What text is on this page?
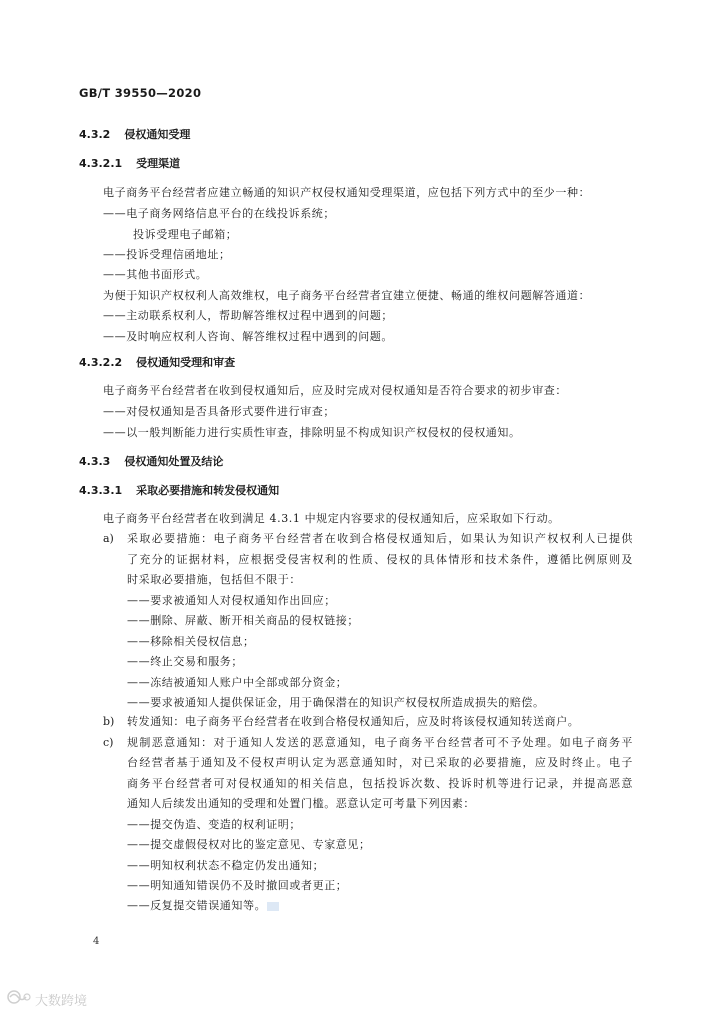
GB/T 39550—2020
4.3.2 侵权通知受理
4.3.2.1 受理渠道
电子商务平台经营者应建立畅通的知识产权侵权通知受理渠道，应包括下列方式中的至少一种：
——电子商务网络信息平台的在线投诉系统；
投诉受理电子邮箱；
——投诉受理信函地址；
——其他书面形式。
为便于知识产权权利人高效维权，电子商务平台经营者宜建立便捷、畅通的维权问题解答通道：
——主动联系权利人，帮助解答维权过程中遇到的问题；
——及时响应权利人咨询、解答维权过程中遇到的问题。
4.3.2.2 侵权通知受理和审查
电子商务平台经营者在收到侵权通知后，应及时完成对侵权通知是否符合要求的初步审查：
——对侵权通知是否具备形式要件进行审查；
——以一般判断能力进行实质性审查，排除明显不构成知识产权侵权的侵权通知。
4.3.3 侵权通知处置及结论
4.3.3.1 采取必要措施和转发侵权通知
电子商务平台经营者在收到满足 4.3.1 中规定内容要求的侵权通知后，应采取如下行动。
a) 采取必要措施：电子商务平台经营者在收到合格侵权通知后，如果认为知识产权权利人已提供
了充分的证据材料，应根据受侵害权利的性质、侵权的具体情形和技术条件，遵循比例原则及
时采取必要措施，包括但不限于：
——要求被通知人对侵权通知作出回应；
——删除、屏蔽、断开相关商品的侵权链接；
——移除相关侵权信息；
——终止交易和服务；
——冻结被通知人账户中全部或部分资金；
——要求被通知人提供保证金，用于确保潜在的知识产权侵权所造成损失的赔偿。
b) 转发通知：电子商务平台经营者在收到合格侵权通知后，应及时将该侵权通知转送商户。
c) 规制恶意通知：对于通知人发送的恶意通知，电子商务平台经营者可不予处理。如电子商务平
台经营者基于通知及不侵权声明认定为恶意通知时，对已采取的必要措施，应及时终止。电子
商务平台经营者可对侵权通知的相关信息，包括投诉次数、投诉时机等进行记录，并提高恶意
通知人后续发出通知的受理和处置门槛。恶意认定可考量下列因素：
——提交伪造、变造的权利证明；
——提交虚假侵权对比的鉴定意见、专家意见；
——明知权利状态不稳定仍发出通知；
——明知通知错误仍不及时撤回或者更正；
——反复提交错误通知等。
4
大数跨境
